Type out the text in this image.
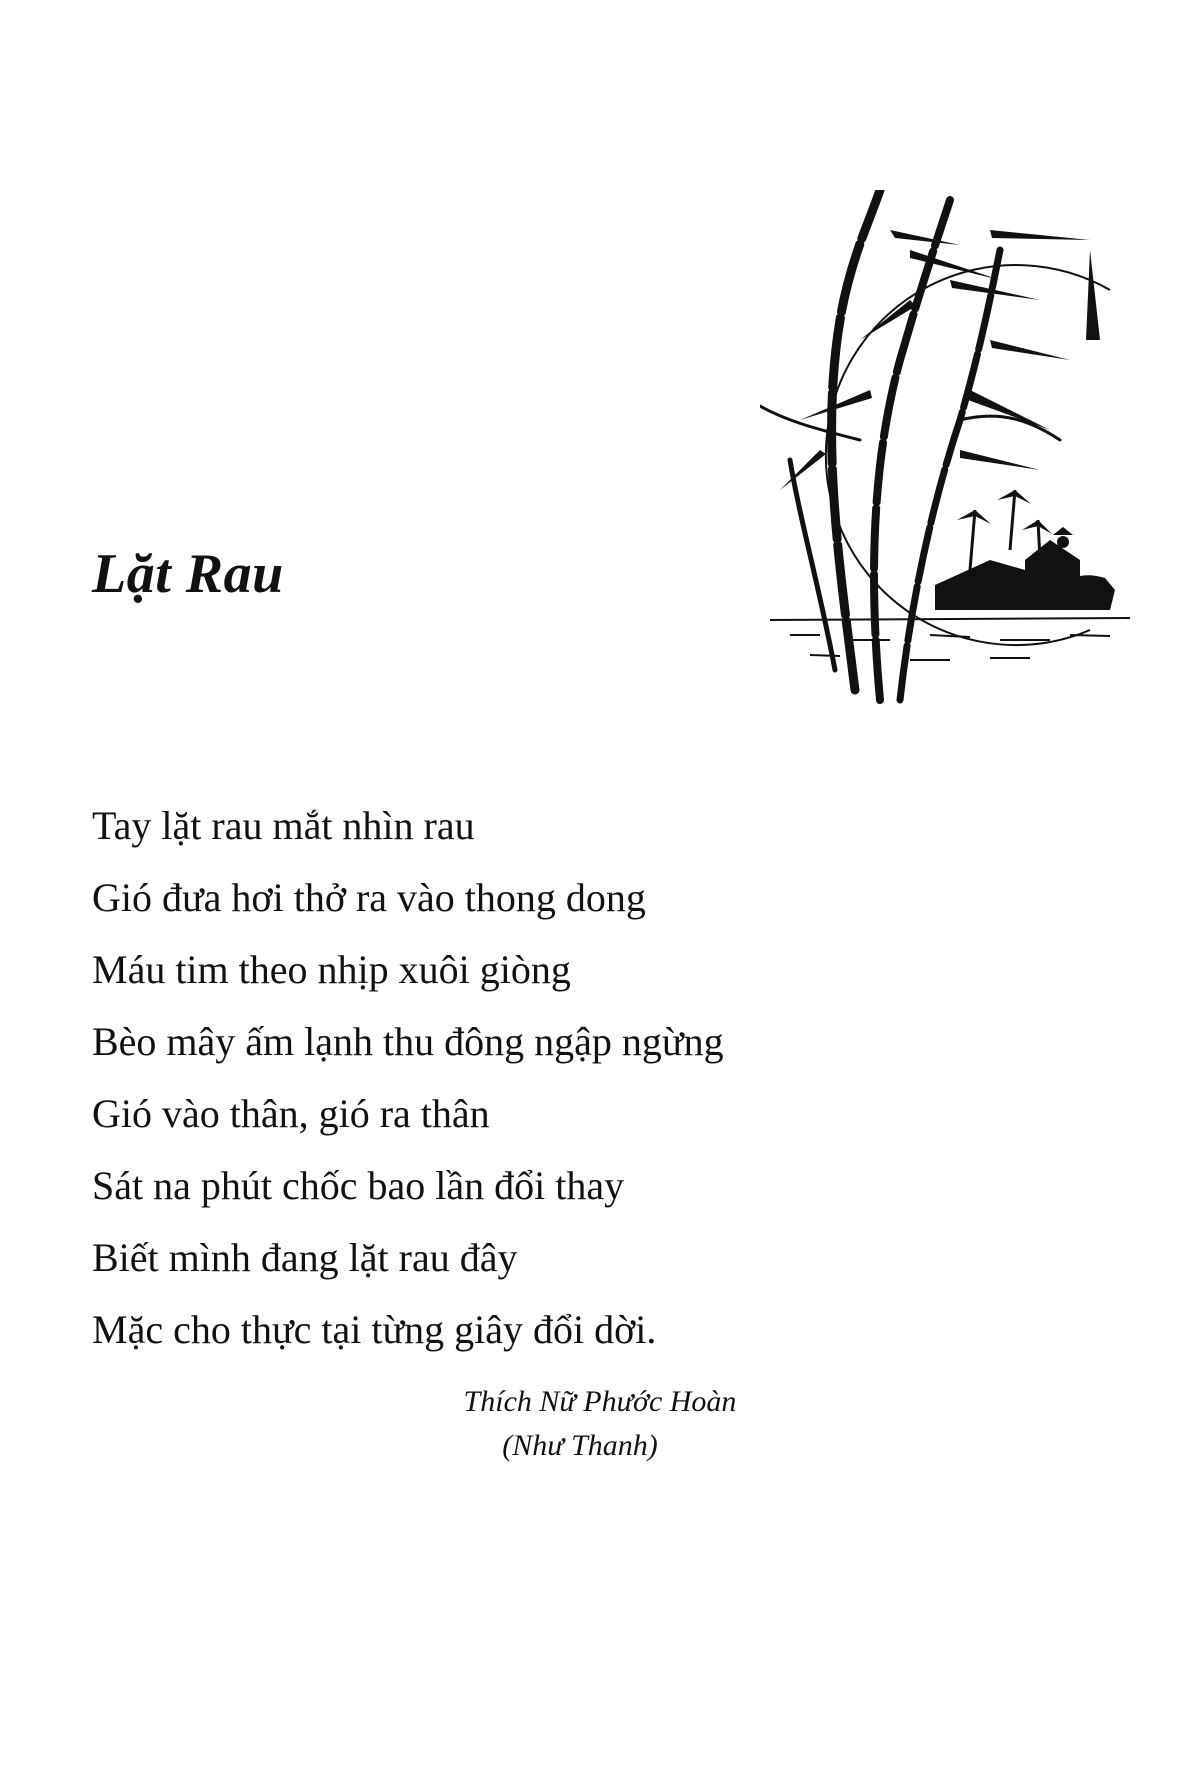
Lặt Rau
Tay lặt rau mắt nhìn rau
Gió đưa hơi thở ra vào thong dong
Máu tim theo nhịp xuôi giòng
Bèo mây ấm lạnh thu đông ngập ngừng
Gió vào thân, gió ra thân
Sát na phút chốc bao lần đổi thay
Biết mình đang lặt rau đây
Mặc cho thực tại từng giây đổi dời.
Thích Nữ Phước Hoàn
(Như Thanh)
